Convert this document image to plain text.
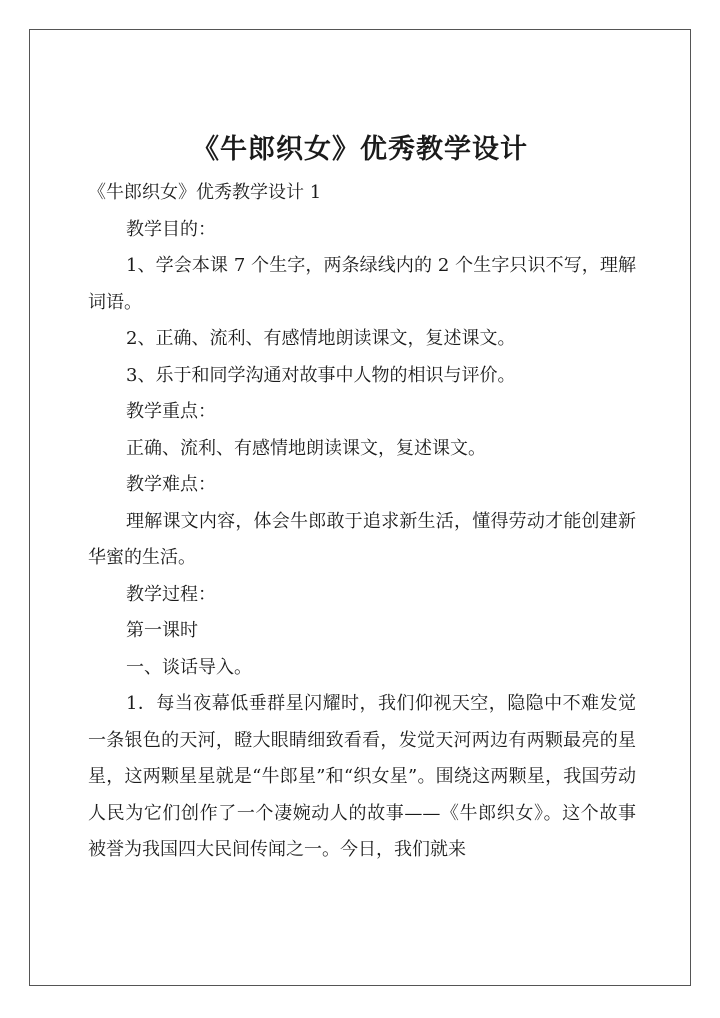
《牛郎织女》优秀教学设计

《牛郎织女》优秀教学设计 1

教学目的：

1、学会本课 7 个生字，两条绿线内的 2 个生字只识不写，理解词语。

2、正确、流利、有感情地朗读课文，复述课文。

3、乐于和同学沟通对故事中人物的相识与评价。

教学重点：

正确、流利、有感情地朗读课文，复述课文。

教学难点：

理解课文内容，体会牛郎敢于追求新生活，懂得劳动才能创建新华蜜的生活。

教学过程：

第一课时

一、谈话导入。

1．每当夜幕低垂群星闪耀时，我们仰视天空，隐隐中不难发觉一条银色的天河，瞪大眼睛细致看看，发觉天河两边有两颗最亮的星星，这两颗星星就是“牛郎星”和“织女星”。围绕这两颗星，我国劳动人民为它们创作了一个凄婉动人的故事——《牛郎织女》。这个故事被誉为我国四大民间传闻之一。今日，我们就来
